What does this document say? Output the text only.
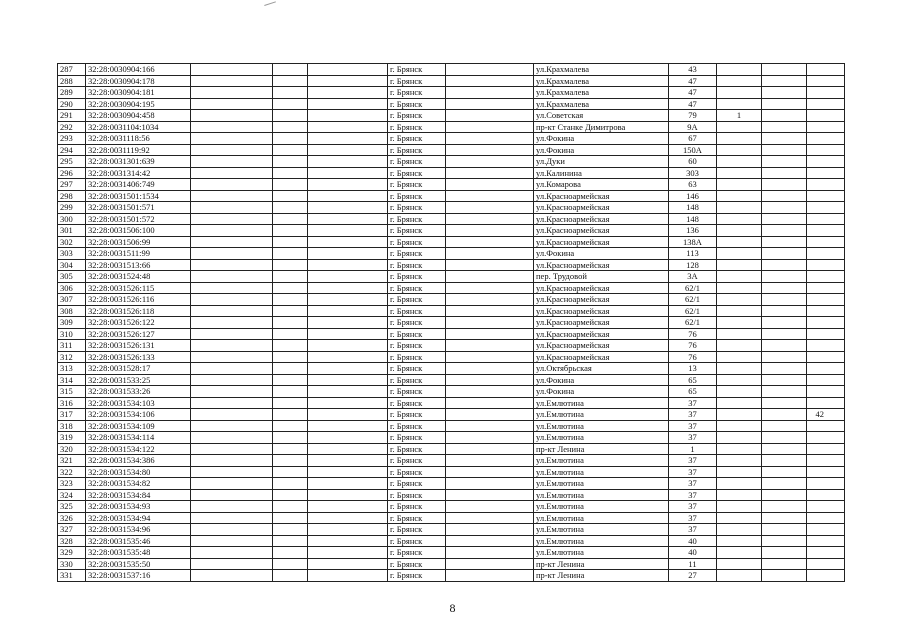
287	32:28:0030904:166				г. Брянск		ул.Крахмалева	43			
288	32:28:0030904:178				г. Брянск		ул.Крахмалева	47			
289	32:28:0030904:181				г. Брянск		ул.Крахмалева	47			
290	32:28:0030904:195				г. Брянск		ул.Крахмалева	47			
291	32:28:0030904:458				г. Брянск		ул.Советская	79	1		
292	32:28:0031104:1034				г. Брянск		пр-кт Станке Димитрова	9А			
293	32:28:0031118:56				г. Брянск		ул.Фокина	67			
294	32:28:0031119:92				г. Брянск		ул.Фокина	150А			
295	32:28:0031301:639				г. Брянск		ул.Дуки	60			
296	32:28:0031314:42				г. Брянск		ул.Калинина	303			
297	32:28:0031406:749				г. Брянск		ул.Комарова	63			
298	32:28:0031501:1534				г. Брянск		ул.Красноармейская	146			
299	32:28:0031501:571				г. Брянск		ул.Красноармейская	148			
300	32:28:0031501:572				г. Брянск		ул.Красноармейская	148			
301	32:28:0031506:100				г. Брянск		ул.Красноармейская	136			
302	32:28:0031506:99				г. Брянск		ул.Красноармейская	138А			
303	32:28:0031511:99				г. Брянск		ул.Фокина	113			
304	32:28:0031513:66				г. Брянск		ул.Красноармейская	128			
305	32:28:0031524:48				г. Брянск		пер. Трудовой	3А			
306	32:28:0031526:115				г. Брянск		ул.Красноармейская	62/1			
307	32:28:0031526:116				г. Брянск		ул.Красноармейская	62/1			
308	32:28:0031526:118				г. Брянск		ул.Красноармейская	62/1			
309	32:28:0031526:122				г. Брянск		ул.Красноармейская	62/1			
310	32:28:0031526:127				г. Брянск		ул.Красноармейская	76			
311	32:28:0031526:131				г. Брянск		ул.Красноармейская	76			
312	32:28:0031526:133				г. Брянск		ул.Красноармейская	76			
313	32:28:0031528:17				г. Брянск		ул.Октябрьская	13			
314	32:28:0031533:25				г. Брянск		ул.Фокина	65			
315	32:28:0031533:26				г. Брянск		ул.Фокина	65			
316	32:28:0031534:103				г. Брянск		ул.Емлютина	37			
317	32:28:0031534:106				г. Брянск		ул.Емлютина	37			42
318	32:28:0031534:109				г. Брянск		ул.Емлютина	37			
319	32:28:0031534:114				г. Брянск		ул.Емлютина	37			
320	32:28:0031534:122				г. Брянск		пр-кт Ленина	1			
321	32:28:0031534:386				г. Брянск		ул.Емлютина	37			
322	32:28:0031534:80				г. Брянск		ул.Емлютина	37			
323	32:28:0031534:82				г. Брянск		ул.Емлютина	37			
324	32:28:0031534:84				г. Брянск		ул.Емлютина	37			
325	32:28:0031534:93				г. Брянск		ул.Емлютина	37			
326	32:28:0031534:94				г. Брянск		ул.Емлютина	37			
327	32:28:0031534:96				г. Брянск		ул.Емлютина	37			
328	32:28:0031535:46				г. Брянск		ул.Емлютина	40			
329	32:28:0031535:48				г. Брянск		ул.Емлютина	40			
330	32:28:0031535:50				г. Брянск		пр-кт Ленина	11			
331	32:28:0031537:16				г. Брянск		пр-кт Ленина	27			
8
